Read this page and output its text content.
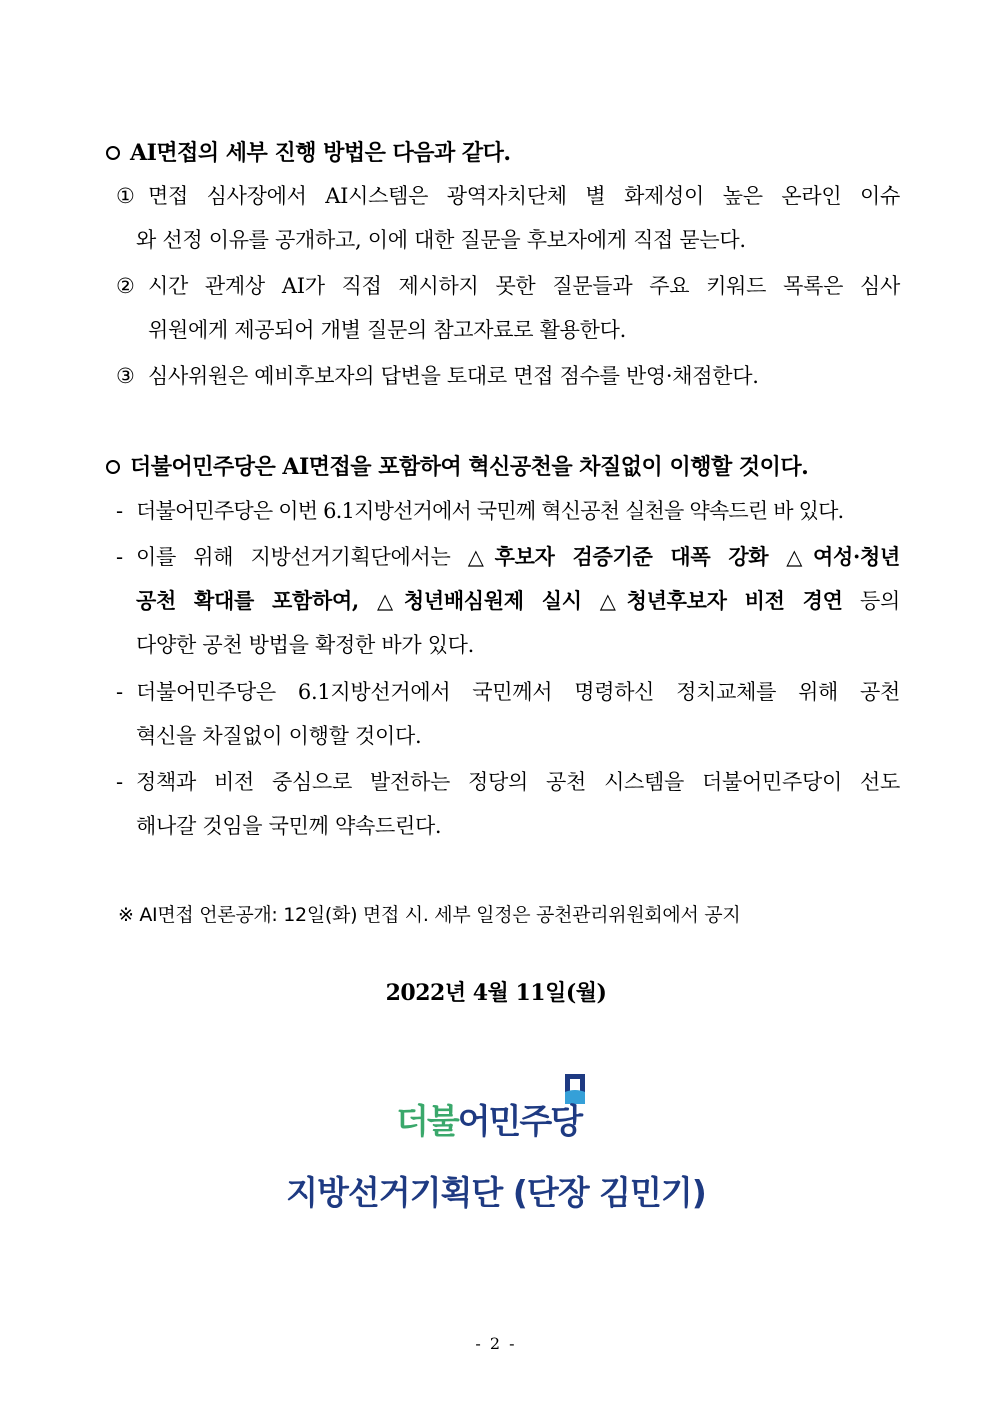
AI면접의 세부 진행 방법은 다음과 같다.
① 면접 심사장에서 AI시스템은 광역자치단체 별 화제성이 높은 온라인 이슈
와 선정 이유를 공개하고, 이에 대한 질문을 후보자에게 직접 묻는다.
② 시간 관계상 AI가 직접 제시하지 못한 질문들과 주요 키워드 목록은 심사
위원에게 제공되어 개별 질문의 참고자료로 활용한다.
③ 심사위원은 예비후보자의 답변을 토대로 면접 점수를 반영·채점한다.
더불어민주당은 AI면접을 포함하여 혁신공천을 차질없이 이행할 것이다.
- 더불어민주당은 이번 6.1지방선거에서 국민께 혁신공천 실천을 약속드린 바 있다.
- 이를 위해 지방선거기획단에서는 △후보자 검증기준 대폭 강화 △여성·청년
공천 확대를 포함하여, △청년배심원제 실시 △청년후보자 비전 경연 등의
다양한 공천 방법을 확정한 바가 있다.
- 더불어민주당은 6.1지방선거에서 국민께서 명령하신 정치교체를 위해 공천
혁신을 차질없이 이행할 것이다.
- 정책과 비전 중심으로 발전하는 정당의 공천 시스템을 더불어민주당이 선도
해나갈 것임을 국민께 약속드린다.
※ AI면접 언론공개: 12일(화) 면접 시. 세부 일정은 공천관리위원회에서 공지
2022년 4월 11일(월)
더불어민주당
지방선거기획단 (단장 김민기)
- 2 -
